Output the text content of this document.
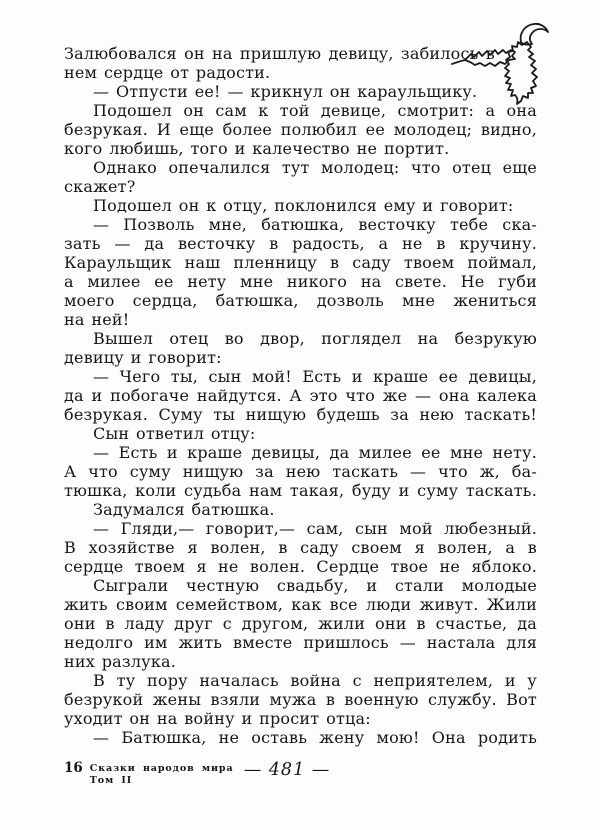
Залюбовался он на пришлую девицу, забилось в
нем сердце от радости.
— Отпусти ее! — крикнул он караульщику.
Подошел он сам к той девице, смотрит: а она
безрукая. И еще более полюбил ее молодец; видно,
кого любишь, того и калечество не портит.
Однако опечалился тут молодец: что отец еще
скажет?
Подошел он к отцу, поклонился ему и говорит:
— Позволь мне, батюшка, весточку тебе ска-
зать — да весточку в радость, а не в кручину.
Караульщик наш пленницу в саду твоем поймал,
а милее ее нету мне никого на свете. Не губи
моего сердца, батюшка, дозволь мне жениться
на ней!
Вышел отец во двор, поглядел на безрукую
девицу и говорит:
— Чего ты, сын мой! Есть и краше ее девицы,
да и побогаче найдутся. А это что же — она калека
безрукая. Суму ты нищую будешь за нею таскать!
Сын ответил отцу:
— Есть и краше девицы, да милее ее мне нету.
А что суму нищую за нею таскать — что ж, ба-
тюшка, коли судьба нам такая, буду и суму таскать.
Задумался батюшка.
— Гляди,— говорит,— сам, сын мой любезный.
В хозяйстве я волен, в саду своем я волен, а в
сердце твоем я не волен. Сердце твое не яблоко.
Сыграли честную свадьбу, и стали молодые
жить своим семейством, как все люди живут. Жили
они в ладу друг с другом, жили они в счастье, да
недолго им жить вместе пришлось — настала для
них разлука.
В ту пору началась война с неприятелем, и у
безрукой жены взяли мужа в военную службу. Вот
уходит он на войну и просит отца:
— Батюшка, не оставь жену мою! Она родить
16 Сказки народов мира
Том II	— 481 —
